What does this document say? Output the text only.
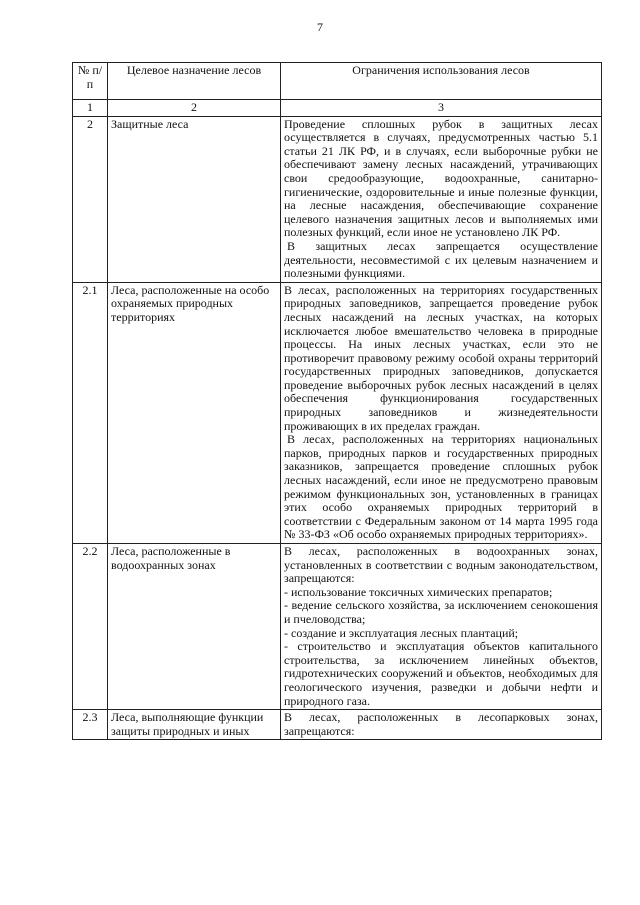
7
№ п/п	Целевое назначение лесов	Ограничения использования лесов
1	2	3
2	Защитные леса	Проведение сплошных рубок в защитных лесах осуществляется в случаях, предусмотренных частью 5.1 статьи 21 ЛК РФ, и в случаях, если выборочные рубки не обеспечивают замену лесных насаждений, утрачивающих свои средообразующие, водоохранные, санитарно-гигиенические, оздоровительные и иные полезные функции, на лесные насаждения, обеспечивающие сохранение целевого назначения защитных лесов и выполняемых ими полезных функций, если иное не установлено ЛК РФ.

В защитных лесах запрещается осуществление деятельности, несовместимой с их целевым назначением и полезными функциями.

2.1	Леса, расположенные на особо охраняемых природных территориях	В лесах, расположенных на территориях государственных природных заповедников, запрещается проведение рубок лесных насаждений на лесных участках, на которых исключается любое вмешательство человека в природные процессы. На иных лесных участках, если это не противоречит правовому режиму особой охраны территорий государственных природных заповедников, допускается проведение выборочных рубок лесных насаждений в целях обеспечения функционирования государственных природных заповедников и жизнедеятельности проживающих в их пределах граждан.

В лесах, расположенных на территориях национальных парков, природных парков и государственных природных заказников, запрещается проведение сплошных рубок лесных насаждений, если иное не предусмотрено правовым режимом функциональных зон, установленных в границах этих особо охраняемых природных территорий в соответствии с Федеральным законом от 14 марта 1995 года № 33-ФЗ «Об особо охраняемых природных территориях».

2.2	Леса, расположенные в водоохранных зонах	В лесах, расположенных в водоохранных зонах, установленных в соответствии с водным законодательством, запрещаются:

- использование токсичных химических препаратов;

- ведение сельского хозяйства, за исключением сенокошения и пчеловодства;

- создание и эксплуатация лесных плантаций;

- строительство и эксплуатация объектов капитального строительства, за исключением линейных объектов, гидротехнических сооружений и объектов, необходимых для геологического изучения, разведки и добычи нефти и природного газа.

2.3	Леса, выполняющие функции защиты природных и иных	В лесах, расположенных в лесопарковых зонах, запрещаются:
